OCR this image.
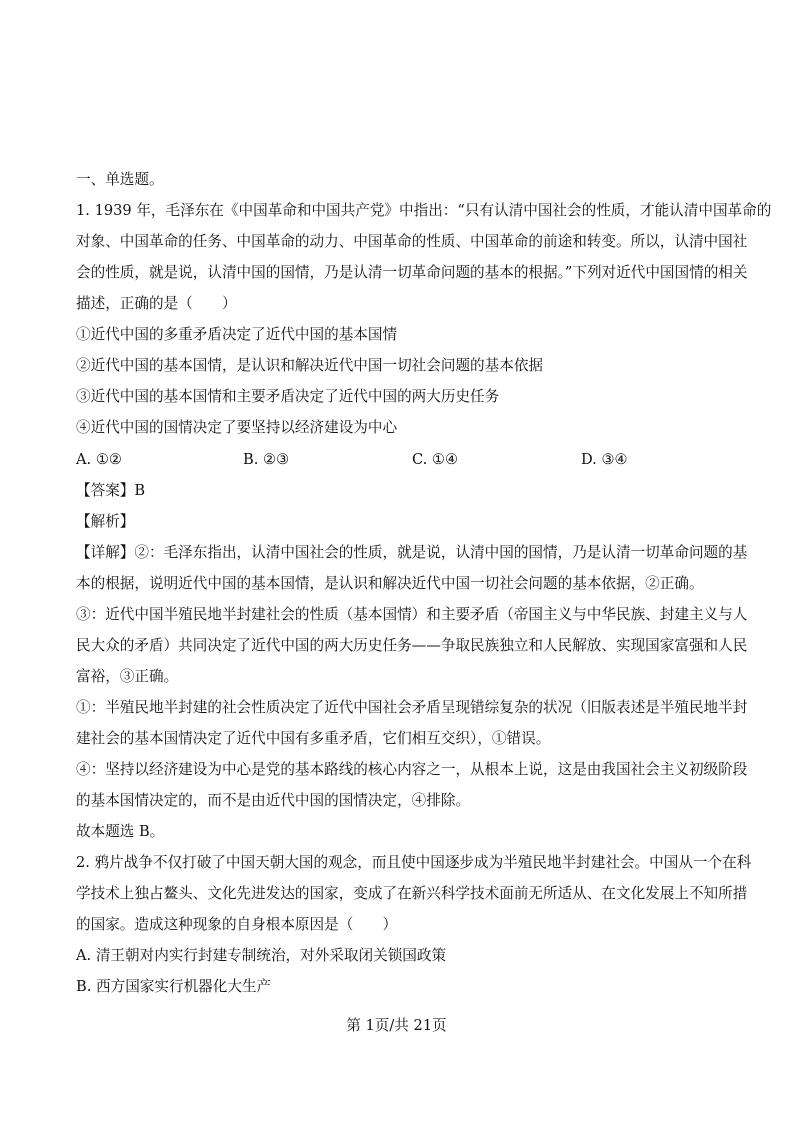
一、单选题。
1. 1939 年，毛泽东在《中国革命和中国共产党》中指出：“只有认清中国社会的性质，才能认清中国革命的
对象、中国革命的任务、中国革命的动力、中国革命的性质、中国革命的前途和转变。所以，认清中国社
会的性质，就是说，认清中国的国情，乃是认清一切革命问题的基本的根据。”下列对近代中国国情的相关
描述，正确的是（　　）
①近代中国的多重矛盾决定了近代中国的基本国情
②近代中国的基本国情，是认识和解决近代中国一切社会问题的基本依据
③近代中国的基本国情和主要矛盾决定了近代中国的两大历史任务
④近代中国的国情决定了要坚持以经济建设为中心
A. ①②	B. ②③	C. ①④	D. ③④
【答案】B
【解析】
【详解】②：毛泽东指出，认清中国社会的性质，就是说，认清中国的国情，乃是认清一切革命问题的基
本的根据，说明近代中国的基本国情，是认识和解决近代中国一切社会问题的基本依据，②正确。
③：近代中国半殖民地半封建社会的性质（基本国情）和主要矛盾（帝国主义与中华民族、封建主义与人
民大众的矛盾）共同决定了近代中国的两大历史任务——争取民族独立和人民解放、实现国家富强和人民
富裕，③正确。
①：半殖民地半封建的社会性质决定了近代中国社会矛盾呈现错综复杂的状况（旧版表述是半殖民地半封
建社会的基本国情决定了近代中国有多重矛盾，它们相互交织），①错误。
④：坚持以经济建设为中心是党的基本路线的核心内容之一，从根本上说，这是由我国社会主义初级阶段
的基本国情决定的，而不是由近代中国的国情决定，④排除。
故本题选 B。
2. 鸦片战争不仅打破了中国天朝大国的观念，而且使中国逐步成为半殖民地半封建社会。中国从一个在科
学技术上独占鳌头、文化先进发达的国家，变成了在新兴科学技术面前无所适从、在文化发展上不知所措
的国家。造成这种现象的自身根本原因是（　　）
A. 清王朝对内实行封建专制统治，对外采取闭关锁国政策
B. 西方国家实行机器化大生产
第 1页/共 21页
